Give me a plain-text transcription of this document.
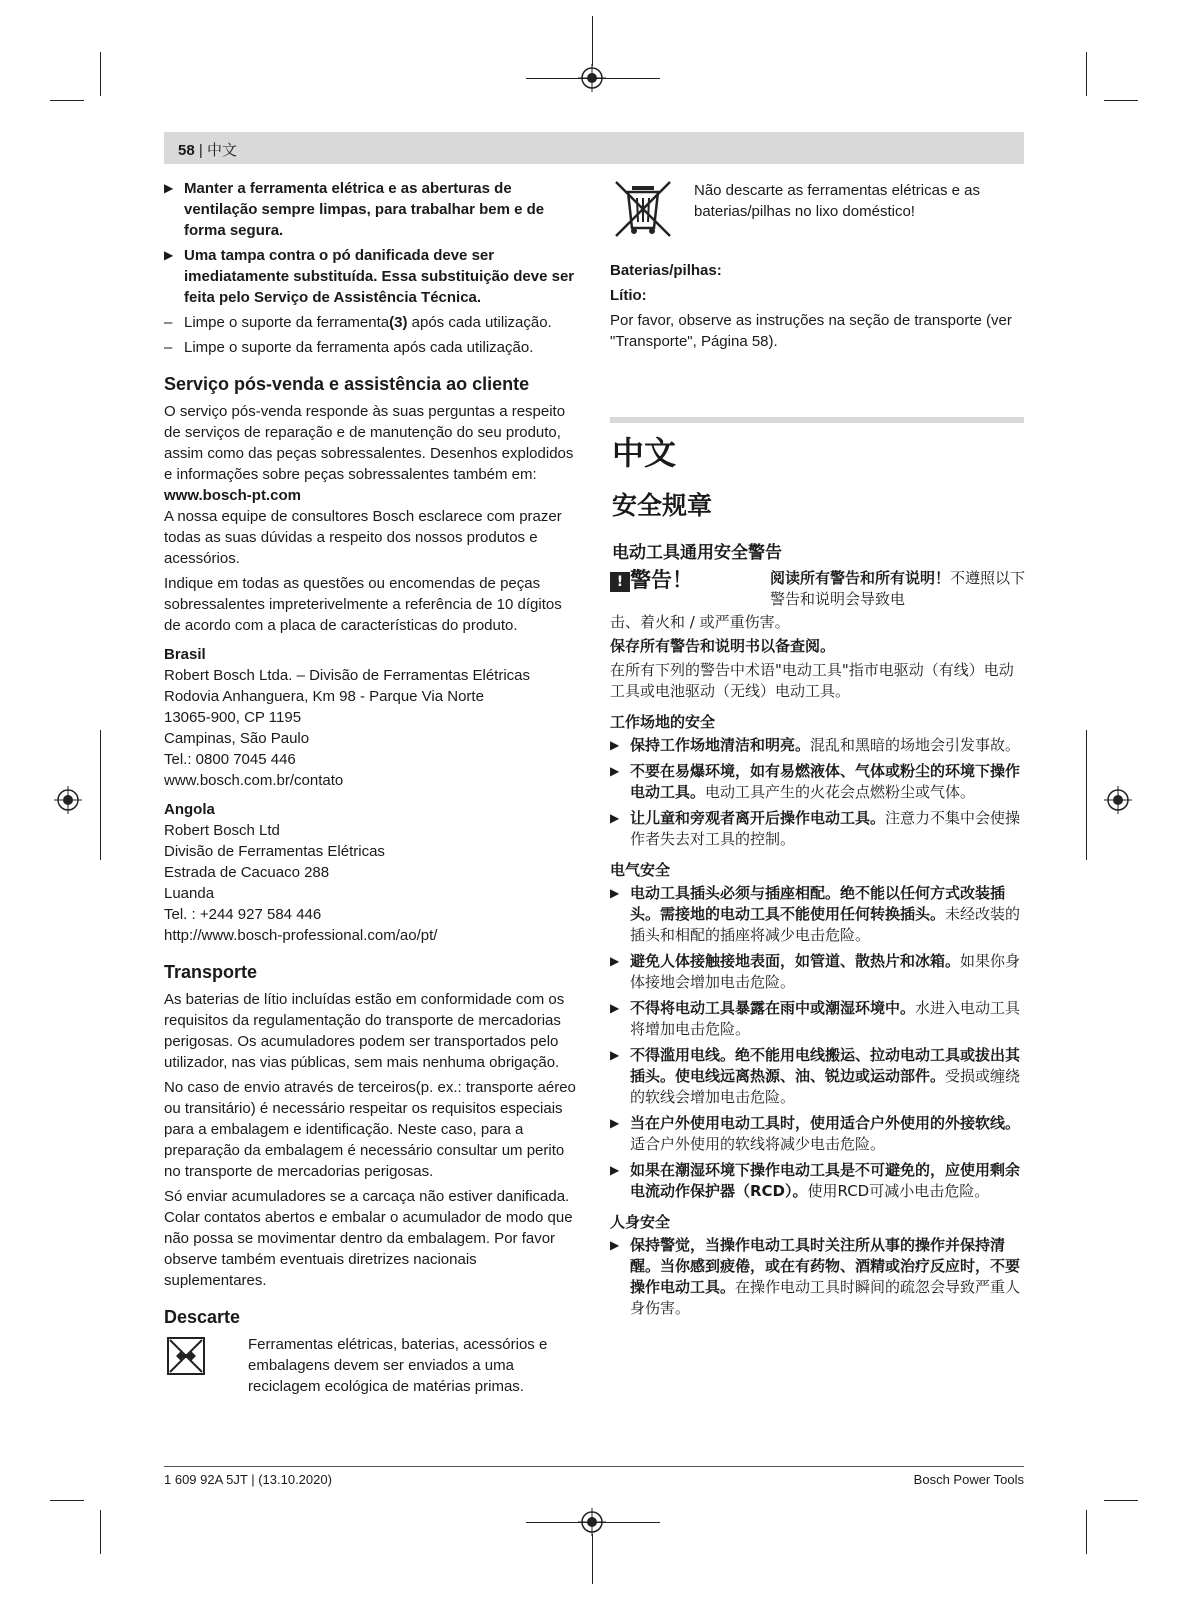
58 | 中文
▶ Manter a ferramenta elétrica e as aberturas de ventilação sempre limpas, para trabalhar bem e de forma segura.
▶ Uma tampa contra o pó danificada deve ser imediatamente substituída. Essa substituição deve ser feita pelo Serviço de Assistência Técnica.
– Limpe o suporte da ferramenta(3) após cada utilização.
– Limpe o suporte da ferramenta após cada utilização.
Serviço pós-venda e assistência ao cliente

O serviço pós-venda responde às suas perguntas a respeito de serviços de reparação e de manutenção do seu produto, assim como das peças sobressalentes. Desenhos explodidos e informações sobre peças sobressalentes também em:

www.bosch-pt.com

A nossa equipe de consultores Bosch esclarece com prazer todas as suas dúvidas a respeito dos nossos produtos e acessórios.

Indique em todas as questões ou encomendas de peças sobressalentes impreterivelmente a referência de 10 dígitos de acordo com a placa de características do produto.

Brasil
Robert Bosch Ltda. – Divisão de Ferramentas Elétricas
Rodovia Anhanguera, Km 98 - Parque Via Norte
13065-900, CP 1195
Campinas, São Paulo
Tel.: 0800 7045 446
www.bosch.com.br/contato
Angola
Robert Bosch Ltd
Divisão de Ferramentas Elétricas
Estrada de Cacuaco 288
Luanda
Tel. : +244 927 584 446
http://www.bosch-professional.com/ao/pt/
Transporte

As baterias de lítio incluídas estão em conformidade com os requisitos da regulamentação do transporte de mercadorias perigosas. Os acumuladores podem ser transportados pelo utilizador, nas vias públicas, sem mais nenhuma obrigação.

No caso de envio através de terceiros(p. ex.: transporte aéreo ou transitário) é necessário respeitar os requisitos especiais para a embalagem e identificação. Neste caso, para a preparação da embalagem é necessário consultar um perito no transporte de mercadorias perigosas.

Só enviar acumuladores se a carcaça não estiver danificada. Colar contatos abertos e embalar o acumulador de modo que não possa se movimentar dentro da embalagem. Por favor observe também eventuais diretrizes nacionais suplementares.

Descarte
Ferramentas elétricas, baterias, acessórios e embalagens devem ser enviados a uma reciclagem ecológica de matérias primas.
Não descarte as ferramentas elétricas e as baterias/pilhas no lixo doméstico!
Baterias/pilhas:
Lítio:

Por favor, observe as instruções na seção de transporte (ver "Transporte", Página 58).

中文
安全规章
电动工具通用安全警告
! 警告！	阅读所有警告和所有说明！不遵照以下警告和说明会导致电
击、着火和 / 或严重伤害。
保存所有警告和说明书以备查阅。
在所有下列的警告中术语"电动工具"指市电驱动（有线）电动工具或电池驱动（无线）电动工具。
工作场地的安全
▶ 保持工作场地清洁和明亮。混乱和黑暗的场地会引发事故。
▶ 不要在易爆环境，如有易燃液体、气体或粉尘的环境下操作电动工具。电动工具产生的火花会点燃粉尘或气体。
▶ 让儿童和旁观者离开后操作电动工具。注意力不集中会使操作者失去对工具的控制。
电气安全
▶ 电动工具插头必须与插座相配。绝不能以任何方式改装插头。需接地的电动工具不能使用任何转换插头。未经改装的插头和相配的插座将减少电击危险。
▶ 避免人体接触接地表面，如管道、散热片和冰箱。如果你身体接地会增加电击危险。
▶ 不得将电动工具暴露在雨中或潮湿环境中。水进入电动工具将增加电击危险。
▶ 不得滥用电线。绝不能用电线搬运、拉动电动工具或拔出其插头。使电线远离热源、油、锐边或运动部件。受损或缠绕的软线会增加电击危险。
▶ 当在户外使用电动工具时，使用适合户外使用的外接软线。适合户外使用的软线将减少电击危险。
▶ 如果在潮湿环境下操作电动工具是不可避免的，应使用剩余电流动作保护器（RCD）。使用RCD可减小电击危险。
人身安全
▶ 保持警觉，当操作电动工具时关注所从事的操作并保持清醒。当你感到疲倦，或在有药物、酒精或治疗反应时，不要操作电动工具。在操作电动工具时瞬间的疏忽会导致严重人身伤害。
1 609 92A 5JT | (13.10.2020)	Bosch Power Tools
